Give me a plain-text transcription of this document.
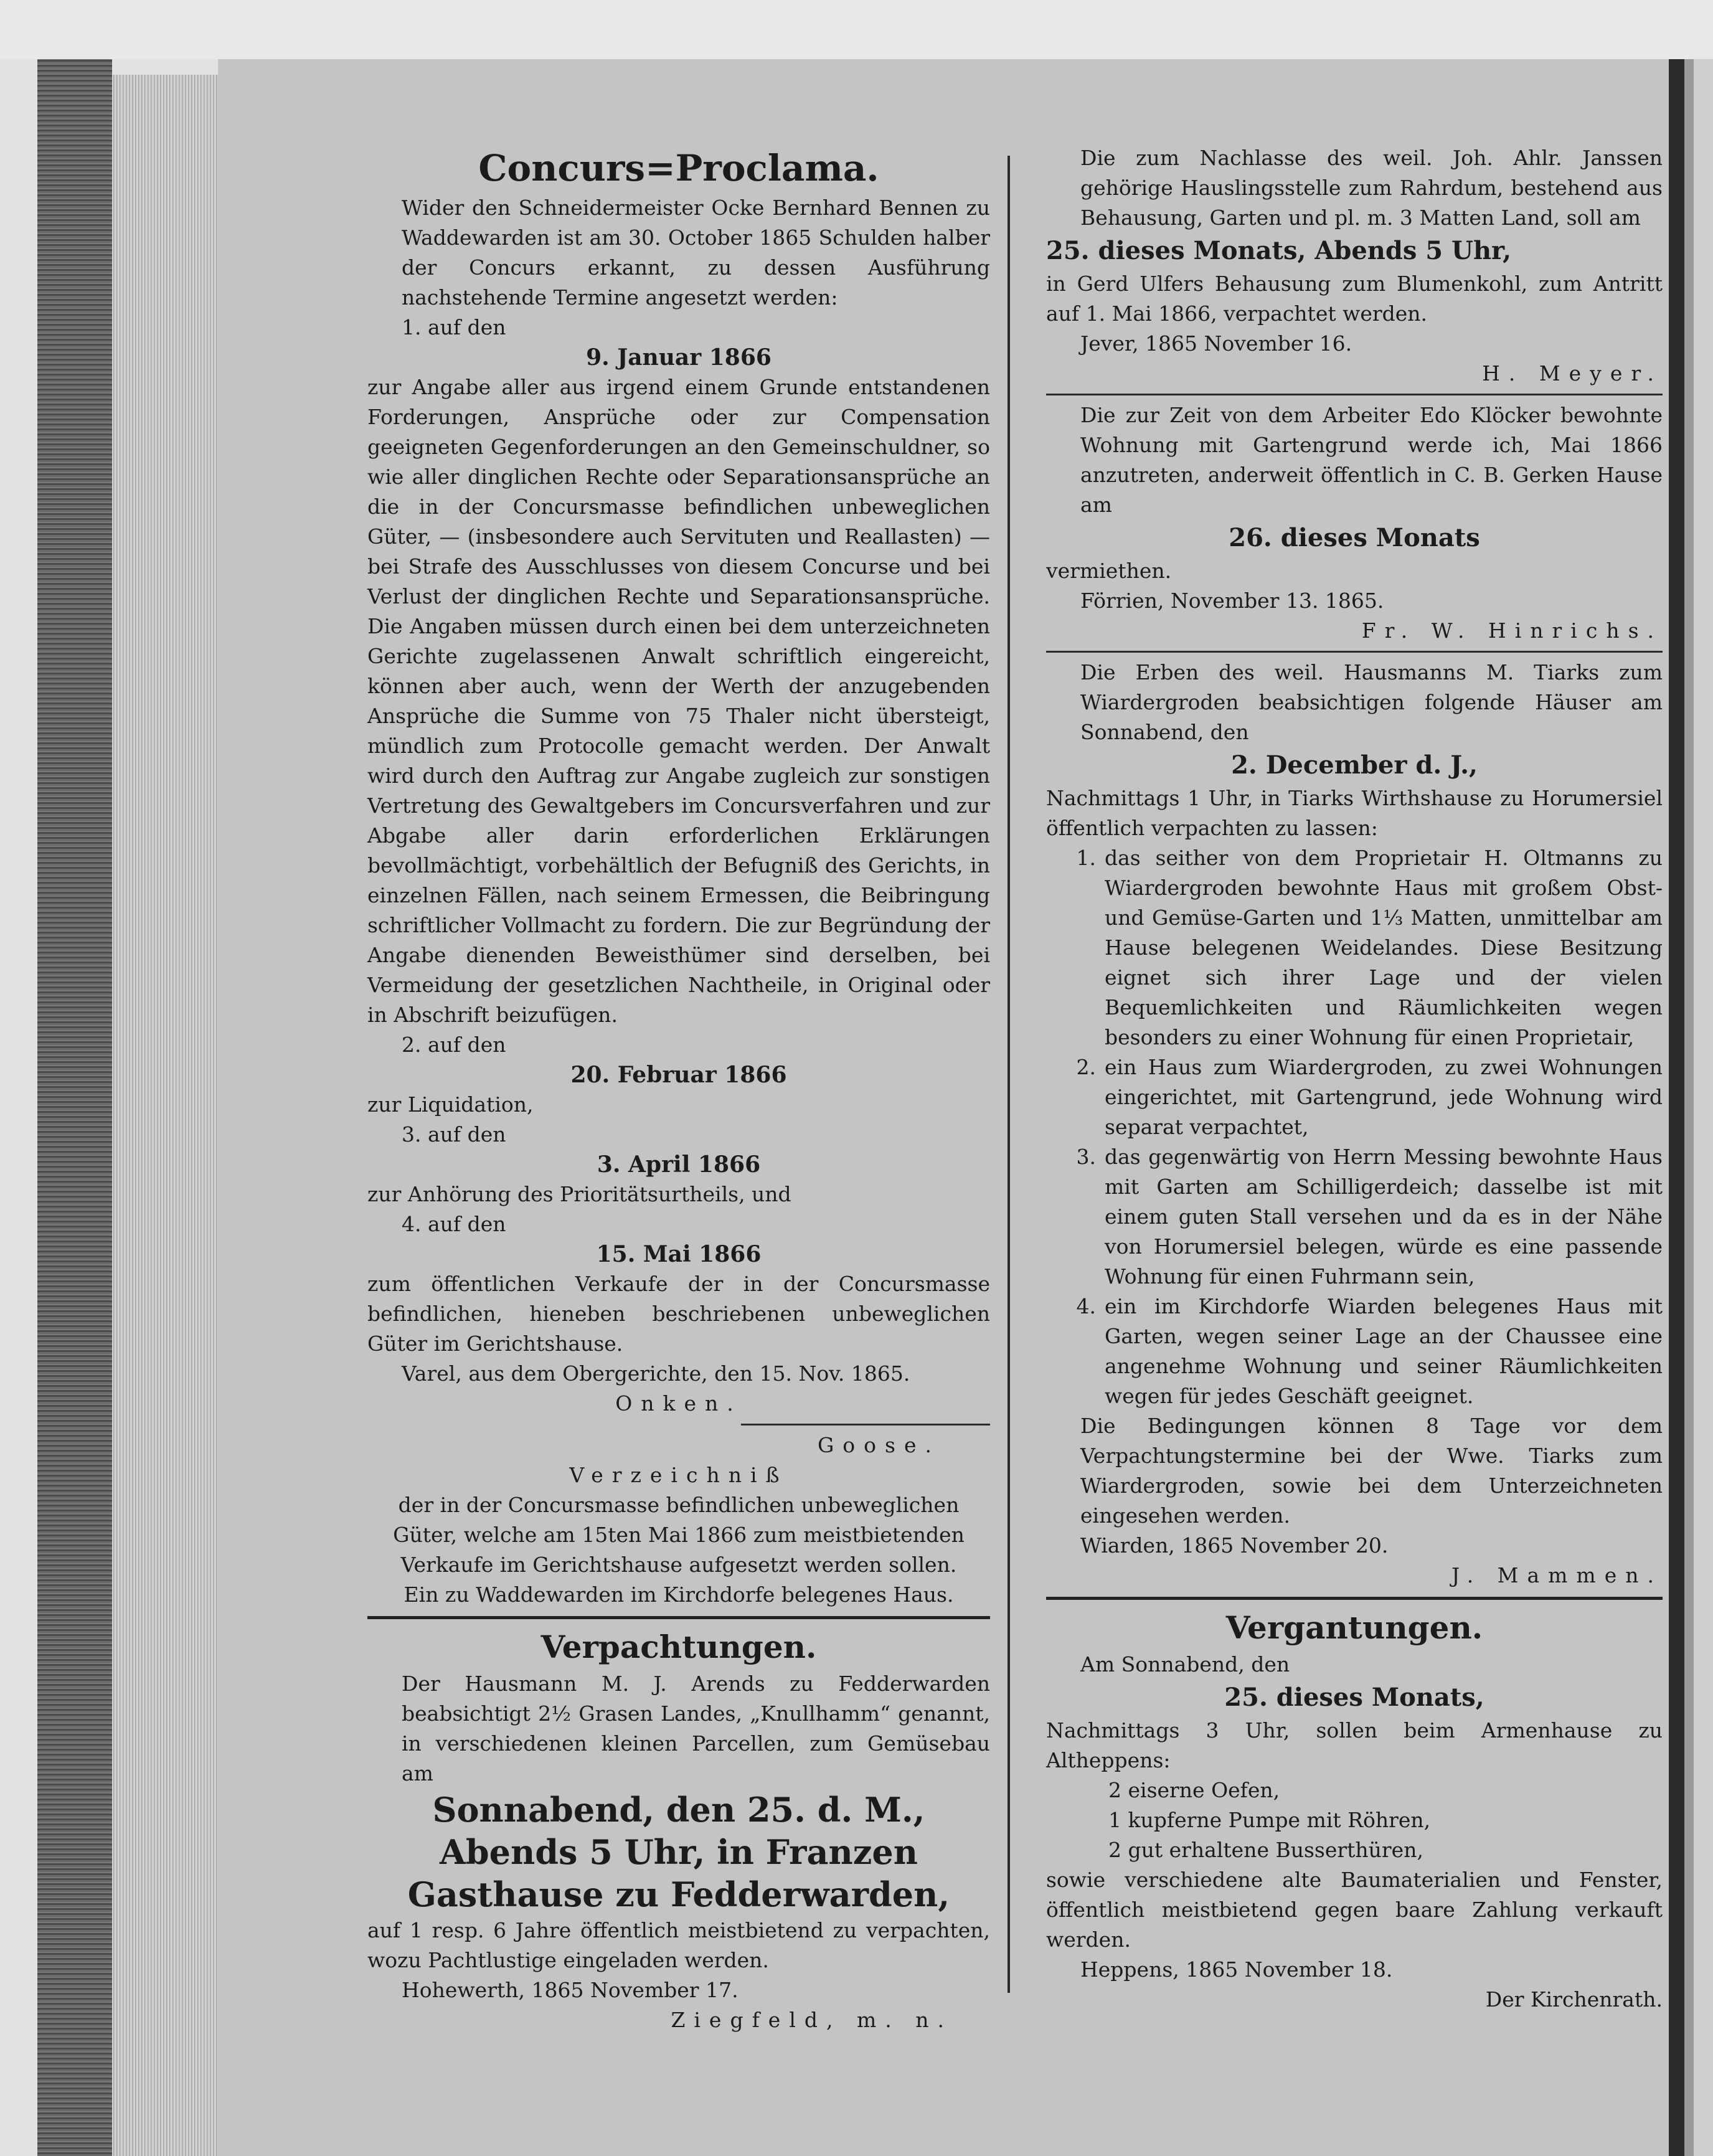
Concurs=Proclama.

Wider den Schneidermeister Ocke Bernhard Bennen zu Waddewarden ist am 30. October 1865 Schulden halber der Concurs erkannt, zu dessen Ausführung nachstehende Termine angesetzt werden:

1. auf den

9. Januar 1866

zur Angabe aller aus irgend einem Grunde entstandenen Forderungen, Ansprüche oder zur Compensation geeigneten Gegenforderungen an den Gemeinschuldner, so wie aller dinglichen Rechte oder Separationsansprüche an die in der Concursmasse befindlichen unbeweglichen Güter, — (insbesondere auch Servituten und Reallasten) — bei Strafe des Ausschlusses von diesem Concurse und bei Verlust der dinglichen Rechte und Separationsansprüche. Die Angaben müssen durch einen bei dem unterzeichneten Gerichte zugelassenen Anwalt schriftlich eingereicht, können aber auch, wenn der Werth der anzugebenden Ansprüche die Summe von 75 Thaler nicht übersteigt, mündlich zum Protocolle gemacht werden. Der Anwalt wird durch den Auftrag zur Angabe zugleich zur sonstigen Vertretung des Gewaltgebers im Concursverfahren und zur Abgabe aller darin erforderlichen Erklärungen bevollmächtigt, vorbehältlich der Befugniß des Gerichts, in einzelnen Fällen, nach seinem Ermessen, die Beibringung schriftlicher Vollmacht zu fordern. Die zur Begründung der Angabe dienenden Beweisthümer sind derselben, bei Vermeidung der gesetzlichen Nachtheile, in Original oder in Abschrift beizufügen.

2. auf den

20. Februar 1866

zur Liquidation,

3. auf den

3. April 1866

zur Anhörung des Prioritätsurtheils, und

4. auf den

15. Mai 1866

zum öffentlichen Verkaufe der in der Concursmasse befindlichen, hieneben beschriebenen unbeweglichen Güter im Gerichtshause.

Varel, aus dem Obergerichte, den 15. Nov. 1865.

Onken.

Goose.

Verzeichniß

der in der Concursmasse befindlichen unbeweglichen Güter, welche am 15ten Mai 1866 zum meistbietenden Verkaufe im Gerichtshause aufgesetzt werden sollen.

Ein zu Waddewarden im Kirchdorfe belegenes Haus.

Verpachtungen.

Der Hausmann M. J. Arends zu Fedderwarden beabsichtigt 2½ Grasen Landes, „Knullhamm“ genannt, in verschiedenen kleinen Parcellen, zum Gemüsebau am

Sonnabend, den 25. d. M., Abends 5 Uhr, in Franzen Gasthause zu Fedderwarden,

auf 1 resp. 6 Jahre öffentlich meistbietend zu verpachten, wozu Pachtlustige eingeladen werden.

Hohewerth, 1865 November 17.

Ziegfeld, m. n.

Die zum Nachlasse des weil. Joh. Ahlr. Janssen gehörige Hauslingsstelle zum Rahrdum, bestehend aus Behausung, Garten und pl. m. 3 Matten Land, soll am

25. dieses Monats, Abends 5 Uhr,

in Gerd Ulfers Behausung zum Blumenkohl, zum Antritt auf 1. Mai 1866, verpachtet werden.

Jever, 1865 November 16.

H. Meyer.

Die zur Zeit von dem Arbeiter Edo Klöcker bewohnte Wohnung mit Gartengrund werde ich, Mai 1866 anzutreten, anderweit öffentlich in C. B. Gerken Hause am

26. dieses Monats

vermiethen.

Förrien, November 13. 1865.

Fr. W. Hinrichs.

Die Erben des weil. Hausmanns M. Tiarks zum Wiardergroden beabsichtigen folgende Häuser am Sonnabend, den

2. December d. J.,

Nachmittags 1 Uhr, in Tiarks Wirthshause zu Horumersiel öffentlich verpachten zu lassen:

1. das seither von dem Proprietair H. Oltmanns zu Wiardergroden bewohnte Haus mit großem Obst- und Gemüse-Garten und 1⅓ Matten, unmittelbar am Hause belegenen Weidelandes. Diese Besitzung eignet sich ihrer Lage und der vielen Bequemlichkeiten und Räumlichkeiten wegen besonders zu einer Wohnung für einen Proprietair,
2. ein Haus zum Wiardergroden, zu zwei Wohnungen eingerichtet, mit Gartengrund, jede Wohnung wird separat verpachtet,
3. das gegenwärtig von Herrn Messing bewohnte Haus mit Garten am Schilligerdeich; dasselbe ist mit einem guten Stall versehen und da es in der Nähe von Horumersiel belegen, würde es eine passende Wohnung für einen Fuhrmann sein,
4. ein im Kirchdorfe Wiarden belegenes Haus mit Garten, wegen seiner Lage an der Chaussee eine angenehme Wohnung und seiner Räumlichkeiten wegen für jedes Geschäft geeignet.

Die Bedingungen können 8 Tage vor dem Verpachtungstermine bei der Wwe. Tiarks zum Wiardergroden, sowie bei dem Unterzeichneten eingesehen werden.

Wiarden, 1865 November 20.

J. Mammen.

Vergantungen.

Am Sonnabend, den

25. dieses Monats,

Nachmittags 3 Uhr, sollen beim Armenhause zu Altheppens:

2 eiserne Oefen,

1 kupferne Pumpe mit Röhren,

2 gut erhaltene Busserthüren,

sowie verschiedene alte Baumaterialien und Fenster, öffentlich meistbietend gegen baare Zahlung verkauft werden.

Heppens, 1865 November 18.

Der Kirchenrath.
